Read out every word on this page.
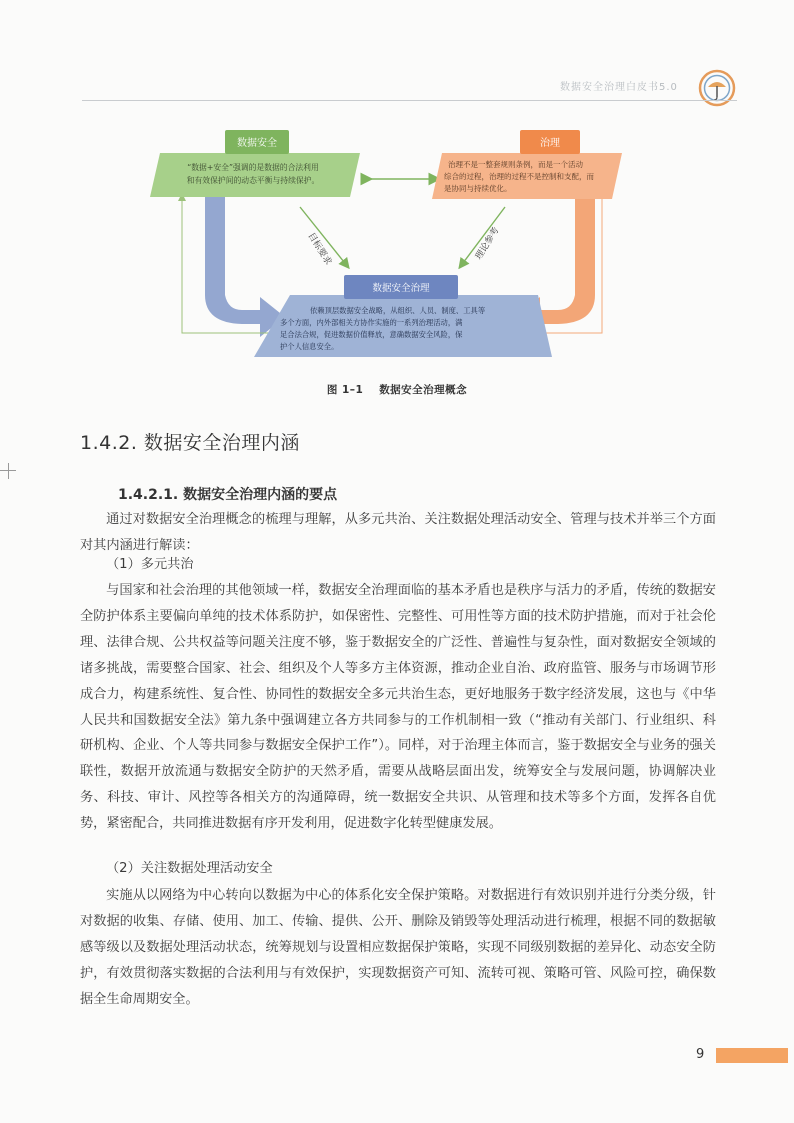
数据安全治理白皮书5.0
目标要求	理论参考
数据安全
“数据+安全”强调的是数据的合法利用
和有效保护间的动态平衡与持续保护。
治理
治理不是一整套规则条例，而是一个活动
综合的过程，治理的过程不是控制和支配，而
是协同与持续优化。
数据安全治理
依赖顶层数据安全战略，从组织、人员、制度、工具等
多个方面，内外部相关方协作实施的一系列治理活动，满
足合法合规，促进数据价值释放，意确数据安全风险，保
护个人信息安全。
图 1–1 数据安全治理概念
1.4.2. 数据安全治理内涵
1.4.2.1. 数据安全治理内涵的要点

通过对数据安全治理概念的梳理与理解，从多元共治、关注数据处理活动安全、管理与技术并举三个方面对其内涵进行解读：

（1）多元共治

与国家和社会治理的其他领域一样，数据安全治理面临的基本矛盾也是秩序与活力的矛盾，传统的数据安全防护体系主要偏向单纯的技术体系防护，如保密性、完整性、可用性等方面的技术防护措施，而对于社会伦理、法律合规、公共权益等问题关注度不够，鉴于数据安全的广泛性、普遍性与复杂性，面对数据安全领域的诸多挑战，需要整合国家、社会、组织及个人等多方主体资源，推动企业自治、政府监管、服务与市场调节形成合力，构建系统性、复合性、协同性的数据安全多元共治生态，更好地服务于数字经济发展，这也与《中华人民共和国数据安全法》第九条中强调建立各方共同参与的工作机制相一致（“推动有关部门、行业组织、科研机构、企业、个人等共同参与数据安全保护工作”）。同样，对于治理主体而言，鉴于数据安全与业务的强关联性，数据开放流通与数据安全防护的天然矛盾，需要从战略层面出发，统筹安全与发展问题，协调解决业务、科技、审计、风控等各相关方的沟通障碍，统一数据安全共识、从管理和技术等多个方面，发挥各自优势，紧密配合，共同推进数据有序开发利用，促进数字化转型健康发展。

（2）关注数据处理活动安全

实施从以网络为中心转向以数据为中心的体系化安全保护策略。对数据进行有效识别并进行分类分级，针对数据的收集、存储、使用、加工、传输、提供、公开、删除及销毁等处理活动进行梳理，根据不同的数据敏感等级以及数据处理活动状态，统筹规划与设置相应数据保护策略，实现不同级别数据的差异化、动态安全防护，有效贯彻落实数据的合法利用与有效保护，实现数据资产可知、流转可视、策略可管、风险可控，确保数据全生命周期安全。

9
